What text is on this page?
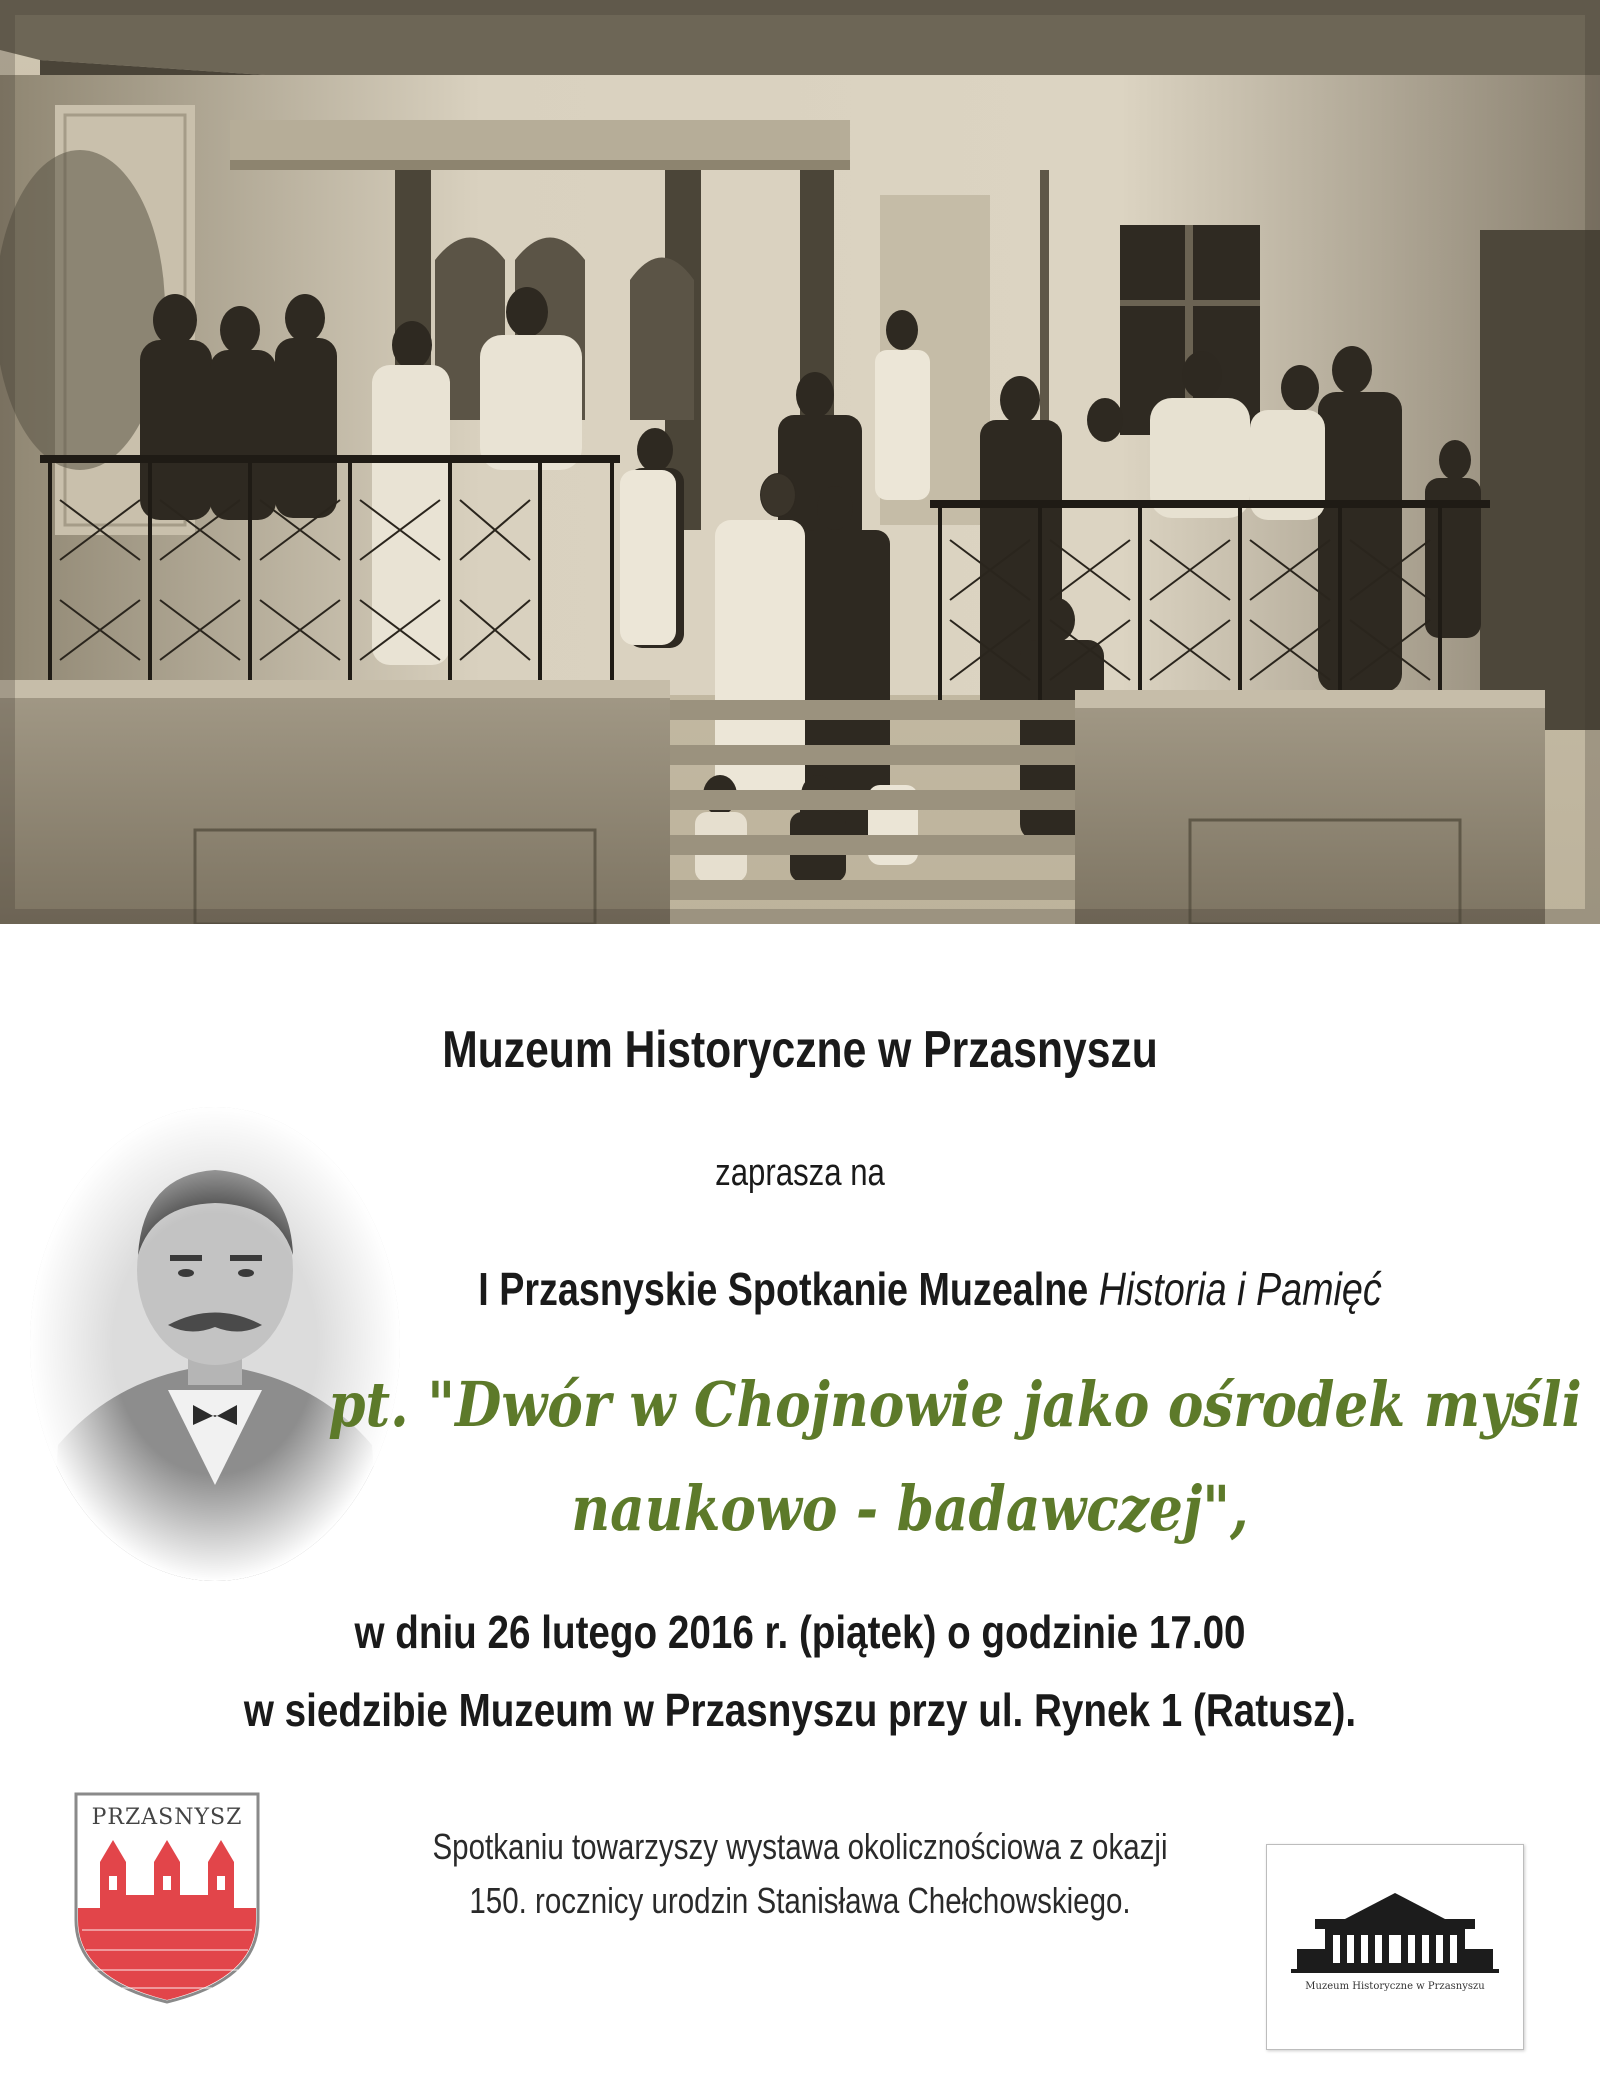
Muzeum Historyczne w Przasnyszu
zaprasza na
I Przasnyskie Spotkanie Muzealne Historia i Pamięć
pt. "Dwór w Chojnowie jako ośrodek myśli
naukowo - badawczej",
w dniu 26 lutego 2016 r. (piątek) o godzinie 17.00
w siedzibie Muzeum w Przasnyszu przy ul. Rynek 1 (Ratusz).
Spotkaniu towarzyszy wystawa okolicznościowa z okazji
150. rocznicy urodzin Stanisława Chełchowskiego.
PRZASNYSZ
Muzeum Historyczne w Przasnyszu
